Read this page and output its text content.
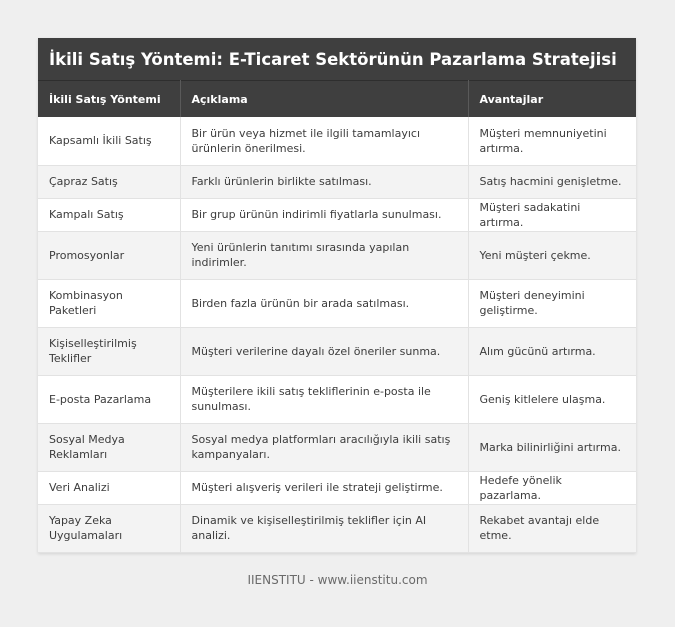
İkili Satış Yöntemi: E-Ticaret Sektörünün Pazarlama Stratejisi
İkili Satış Yöntemi	Açıklama	Avantajlar
Kapsamlı İkili Satış	Bir ürün veya hizmet ile ilgili tamamlayıcı ürünlerin önerilmesi.	Müşteri memnuniyetini artırma.
Çapraz Satış	Farklı ürünlerin birlikte satılması.	Satış hacmini genişletme.
Kampalı Satış	Bir grup ürünün indirimli fiyatlarla sunulması.	Müşteri sadakatini artırma.
Promosyonlar	Yeni ürünlerin tanıtımı sırasında yapılan indirimler.	Yeni müşteri çekme.
Kombinasyon Paketleri	Birden fazla ürünün bir arada satılması.	Müşteri deneyimini geliştirme.
Kişiselleştirilmiş Teklifler	Müşteri verilerine dayalı özel öneriler sunma.	Alım gücünü artırma.
E-posta Pazarlama	Müşterilere ikili satış tekliflerinin e-posta ile sunulması.	Geniş kitlelere ulaşma.
Sosyal Medya Reklamları	Sosyal medya platformları aracılığıyla ikili satış kampanyaları.	Marka bilinirliğini artırma.
Veri Analizi	Müşteri alışveriş verileri ile strateji geliştirme.	Hedefe yönelik pazarlama.
Yapay Zeka Uygulamaları	Dinamik ve kişiselleştirilmiş teklifler için AI analizi.	Rekabet avantajı elde etme.
IIENSTITU - www.iienstitu.com
